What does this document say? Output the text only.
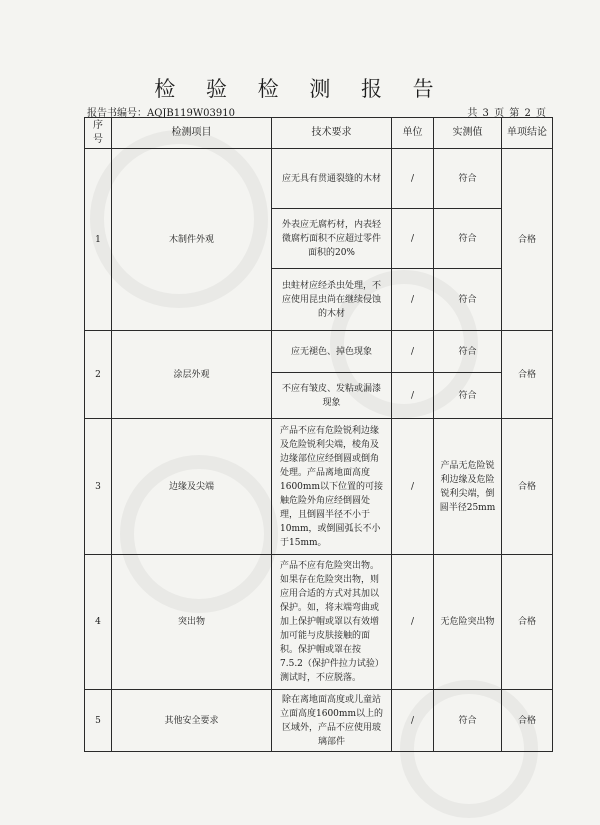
检 验 检 测 报 告
报告书编号：AQJB119W03910	共 3 页 第 2 页
序号	检测项目	技术要求	单位	实测值	单项结论
1	木制件外观	应无具有贯通裂缝的木材	/	符合	合格
		外表应无腐朽材，内表轻微腐朽面积不应超过零件面积的20%	/	符合	
		虫蛀材应经杀虫处理，不应使用昆虫尚在继续侵蚀的木材	/	符合	
2	涂层外观	应无褪色、掉色现象	/	符合	合格
		不应有皱皮、发粘或漏漆现象	/	符合	
3	边缘及尖端	产品不应有危险锐利边缘及危险锐利尖端，棱角及边缘部位应经倒圆或倒角处理。产品离地面高度1600mm以下位置的可接触危险外角应经倒圆处理，且倒圆半径不小于10mm，或倒圆弧长不小于15mm。	/	产品无危险锐利边缘及危险锐利尖端，倒圆半径25mm	合格
4	突出物	产品不应有危险突出物。如果存在危险突出物，则应用合适的方式对其加以保护。如，将末端弯曲或加上保护帽或罩以有效增加可能与皮肤接触的面积。保护帽或罩在按7.5.2（保护件拉力试验）测试时，不应脱落。	/	无危险突出物	合格
5	其他安全要求	除在离地面高度或儿童站立面高度1600mm以上的区域外，产品不应使用玻璃部件	/	符合	合格
